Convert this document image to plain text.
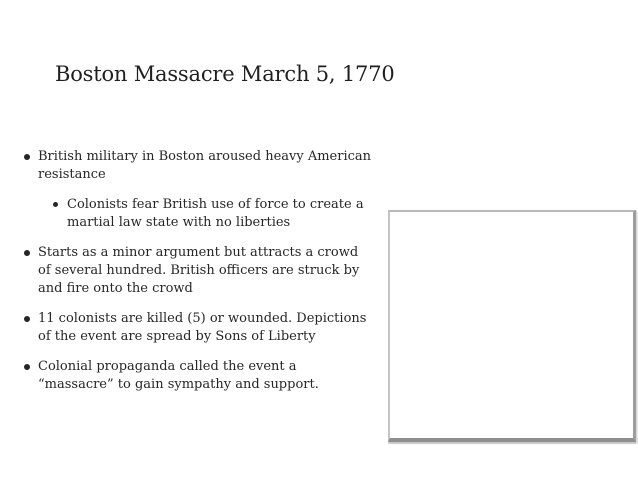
Boston Massacre March 5, 1770
British military in Boston aroused heavy American resistance
Colonists fear British use of force to create a martial law state with no liberties
Starts as a minor argument but attracts a crowd of several hundred. British officers are struck by and fire onto the crowd
11 colonists are killed (5) or wounded. Depictions of the event are spread by Sons of Liberty
Colonial propaganda called the event a “massacre” to gain sympathy and support.
